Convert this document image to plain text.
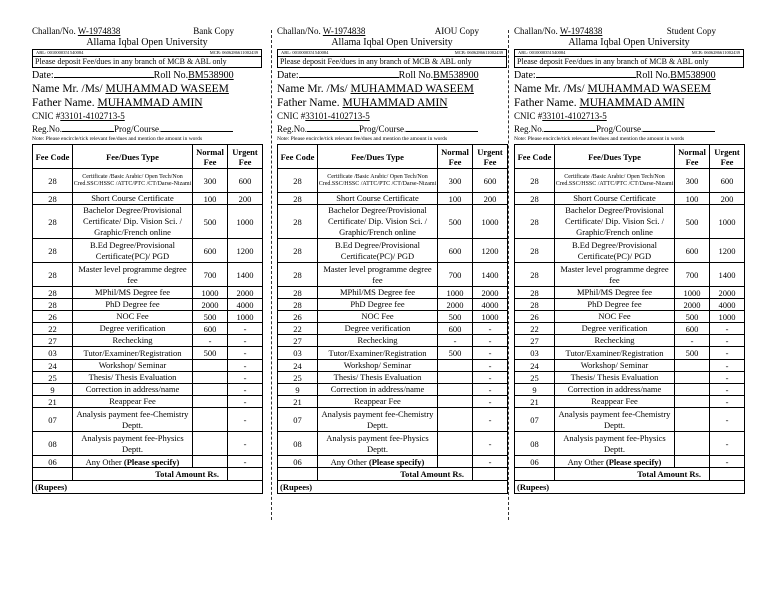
Challan/No. W-1974838	Bank Copy
Allama Iqbal Open University
ABL: 0010000351540084	MCB: 0606286611002439
Please deposit Fee/dues in any branch of MCB & ABL only
Date:	Roll No.BM538900
Name Mr. /Ms/ MUHAMMAD WASEEM
Father Name. MUHAMMAD AMIN
CNIC #33101-4102713-5
Reg.No.	Prog/Course.
Note: Please encircle/tick relevant fee/dues and mention the amount in words
Fee Code	Fee/Dues Type	Normal Fee	Urgent Fee
28	Certificate /Basic Arabic/ Open Tech/Non Cred.SSC/HSSC /ATTC/PTC /CT/Darse-Nizami	300	600
28	Short Course Certificate	100	200
28	Bachelor Degree/Provisional Certificate/ Dip. Vision Sci. / Graphic/French online	500	1000
28	B.Ed Degree/Provisional Certificate(PC)/ PGD	600	1200
28	Master level programme degree fee	700	1400
28	MPhil/MS Degree fee	1000	2000
28	PhD Degree fee	2000	4000
26	NOC Fee	500	1000
22	Degree verification	600	-
27	Rechecking	-	-
03	Tutor/Examiner/Registration	500	-
24	Workshop/ Seminar		-
25	Thesis/ Thesis Evaluation		-
9	Correction in address/name		-
21	Reappear Fee		-
07	Analysis payment fee-Chemistry Deptt.		-
08	Analysis payment fee-Physics Deptt.		-
06	Any Other (Please specify)		-
	Total Amount Rs.		
(Rupees)			
Challan/No. W-1974838	AIOU Copy
Allama Iqbal Open University
ABL: 0010000351540084	MCB: 0606286611002439
Please deposit Fee/dues in any branch of MCB & ABL only
Date:	Roll No.BM538900
Name Mr. /Ms/ MUHAMMAD WASEEM
Father Name. MUHAMMAD AMIN
CNIC #33101-4102713-5
Reg.No.	Prog/Course.
Note: Please encircle/tick relevant fee/dues and mention the amount in words
Fee Code	Fee/Dues Type	Normal Fee	Urgent Fee
28	Certificate /Basic Arabic/ Open Tech/Non Cred.SSC/HSSC /ATTC/PTC /CT/Darse-Nizami	300	600
28	Short Course Certificate	100	200
28	Bachelor Degree/Provisional Certificate/ Dip. Vision Sci. / Graphic/French online	500	1000
28	B.Ed Degree/Provisional Certificate(PC)/ PGD	600	1200
28	Master level programme degree fee	700	1400
28	MPhil/MS Degree fee	1000	2000
28	PhD Degree fee	2000	4000
26	NOC Fee	500	1000
22	Degree verification	600	-
27	Rechecking	-	-
03	Tutor/Examiner/Registration	500	-
24	Workshop/ Seminar		-
25	Thesis/ Thesis Evaluation		-
9	Correction in address/name		-
21	Reappear Fee		-
07	Analysis payment fee-Chemistry Deptt.		-
08	Analysis payment fee-Physics Deptt.		-
06	Any Other (Please specify)		-
	Total Amount Rs.		
(Rupees)			
Challan/No. W-1974838	Student Copy
Allama Iqbal Open University
ABL: 0010000351540084	MCB: 0606286611002439
Please deposit Fee/dues in any branch of MCB & ABL only
Date:	Roll No.BM538900
Name Mr. /Ms/ MUHAMMAD WASEEM
Father Name. MUHAMMAD AMIN
CNIC #33101-4102713-5
Reg.No.	Prog/Course.
Note: Please encircle/tick relevant fee/dues and mention the amount in words
Fee Code	Fee/Dues Type	Normal Fee	Urgent Fee
28	Certificate /Basic Arabic/ Open Tech/Non Cred.SSC/HSSC /ATTC/PTC /CT/Darse-Nizami	300	600
28	Short Course Certificate	100	200
28	Bachelor Degree/Provisional Certificate/ Dip. Vision Sci. / Graphic/French online	500	1000
28	B.Ed Degree/Provisional Certificate(PC)/ PGD	600	1200
28	Master level programme degree fee	700	1400
28	MPhil/MS Degree fee	1000	2000
28	PhD Degree fee	2000	4000
26	NOC Fee	500	1000
22	Degree verification	600	-
27	Rechecking	-	-
03	Tutor/Examiner/Registration	500	-
24	Workshop/ Seminar		-
25	Thesis/ Thesis Evaluation		-
9	Correction in address/name		-
21	Reappear Fee		-
07	Analysis payment fee-Chemistry Deptt.		-
08	Analysis payment fee-Physics Deptt.		-
06	Any Other (Please specify)		-
	Total Amount Rs.		
(Rupees)			
